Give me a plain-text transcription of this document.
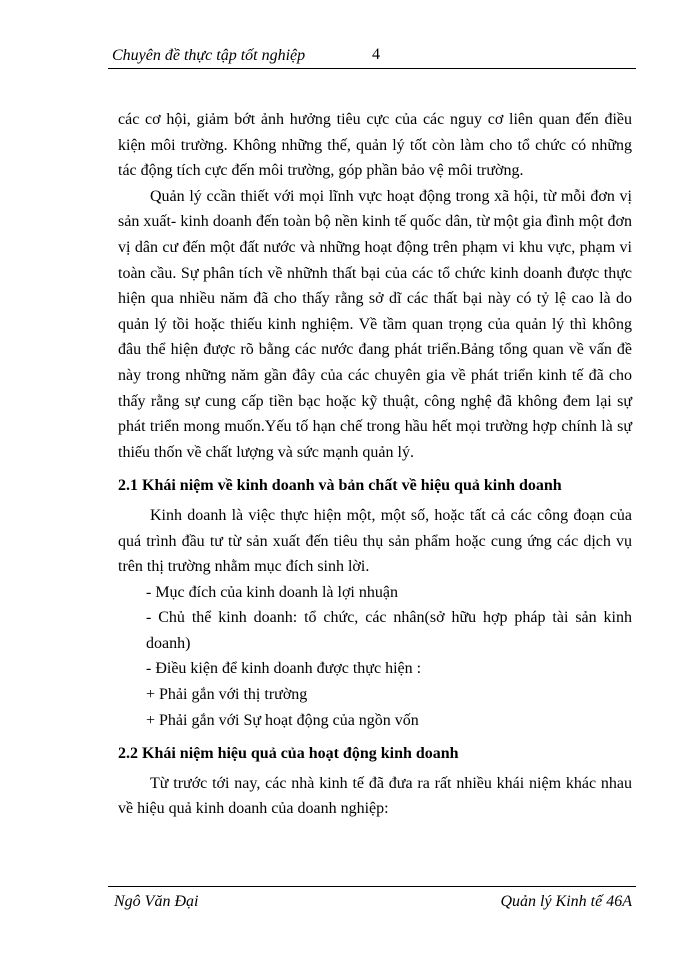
Chuyên đề thực tập tốt nghiệp	4

các cơ hội, giảm bớt ảnh hưởng tiêu cực của các nguy cơ liên quan đến điều kiện môi trường. Không những thế, quản lý tốt còn làm cho tổ chức có những tác động tích cực đến môi trường, góp phần bảo vệ môi trường.

Quản lý ccần thiết với mọi lĩnh vực hoạt động trong xã hội, từ mỗi đơn vị sản xuất- kinh doanh đến toàn bộ nền kinh tế quốc dân, từ một gia đình một đơn vị dân cư đến một đất nước và những hoạt động trên phạm vi khu vực, phạm vi toàn cầu. Sự phân tích về nhữnh thất bại của các tổ chức kinh doanh được thực hiện qua nhiều năm đã cho thấy rằng sở dĩ các thất bại này có tỷ lệ cao là do quản lý tồi hoặc thiếu kinh nghiệm. Về tầm quan trọng của quản lý thì không đâu thể hiện được rõ bằng các nước đang phát triển.Bảng tổng quan về vấn đề này trong những năm gần đây của các chuyên gia về phát triển kinh tế đã cho thấy rằng sự cung cấp tiền bạc hoặc kỹ thuật, công nghệ đã không đem lại sự phát triển mong muốn.Yếu tố hạn chế trong hầu hết mọi trường hợp chính là sự thiếu thốn về chất lượng và sức mạnh quản lý.

2.1 Khái niệm về kinh doanh và bản chất về hiệu quả kinh doanh

Kinh doanh là việc thực hiện một, một số, hoặc tất cả các công đoạn của quá trình đầu tư từ sản xuất đến tiêu thụ sản phẩm hoặc cung ứng các dịch vụ trên thị trường nhằm mục đích sinh lời.

- Mục đích của kinh doanh là lợi nhuận

- Chủ thể kinh doanh: tổ chức, các nhân(sở hữu hợp pháp tài sản kinh doanh)

- Điều kiện để kinh doanh được thực hiện :

+ Phải gắn với thị trường

+ Phải gắn với Sự hoạt động của ngồn vốn

2.2 Khái niệm hiệu quả của hoạt động kinh doanh

Từ trước tới nay, các nhà kinh tế đã đưa ra rất nhiều khái niệm khác nhau về hiệu quả kinh doanh của doanh nghiệp:

Ngô Văn Đại	Quản lý Kinh tế 46A
